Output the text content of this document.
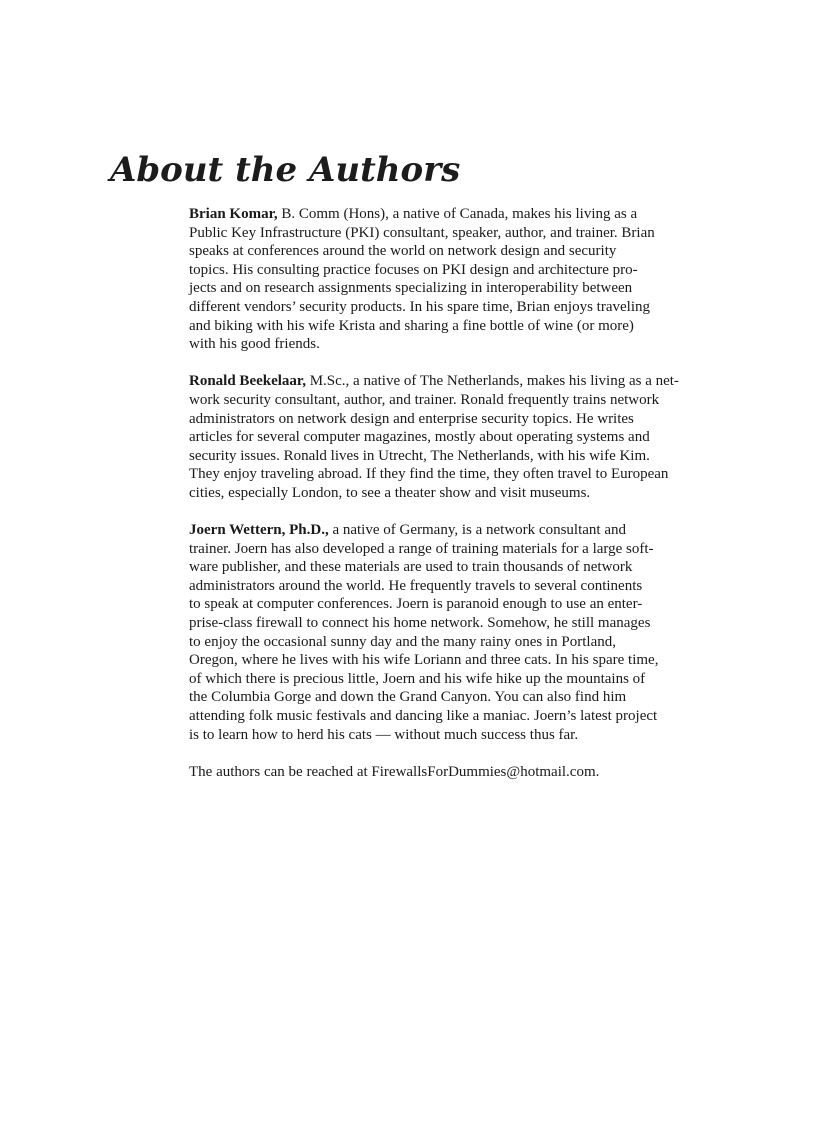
About the Authors
Brian Komar, B. Comm (Hons), a native of Canada, makes his living as a
Public Key Infrastructure (PKI) consultant, speaker, author, and trainer. Brian
speaks at conferences around the world on network design and security
topics. His consulting practice focuses on PKI design and architecture pro-
jects and on research assignments specializing in interoperability between
different vendors’ security products. In his spare time, Brian enjoys traveling
and biking with his wife Krista and sharing a fine bottle of wine (or more)
with his good friends.
Ronald Beekelaar, M.Sc., a native of The Netherlands, makes his living as a net-
work security consultant, author, and trainer. Ronald frequently trains network
administrators on network design and enterprise security topics. He writes
articles for several computer magazines, mostly about operating systems and
security issues. Ronald lives in Utrecht, The Netherlands, with his wife Kim.
They enjoy traveling abroad. If they find the time, they often travel to European
cities, especially London, to see a theater show and visit museums.
Joern Wettern, Ph.D., a native of Germany, is a network consultant and
trainer. Joern has also developed a range of training materials for a large soft-
ware publisher, and these materials are used to train thousands of network
administrators around the world. He frequently travels to several continents
to speak at computer conferences. Joern is paranoid enough to use an enter-
prise-class firewall to connect his home network. Somehow, he still manages
to enjoy the occasional sunny day and the many rainy ones in Portland,
Oregon, where he lives with his wife Loriann and three cats. In his spare time,
of which there is precious little, Joern and his wife hike up the mountains of
the Columbia Gorge and down the Grand Canyon. You can also find him
attending folk music festivals and dancing like a maniac. Joern’s latest project
is to learn how to herd his cats — without much success thus far.

The authors can be reached at FirewallsForDummies@hotmail.com.
